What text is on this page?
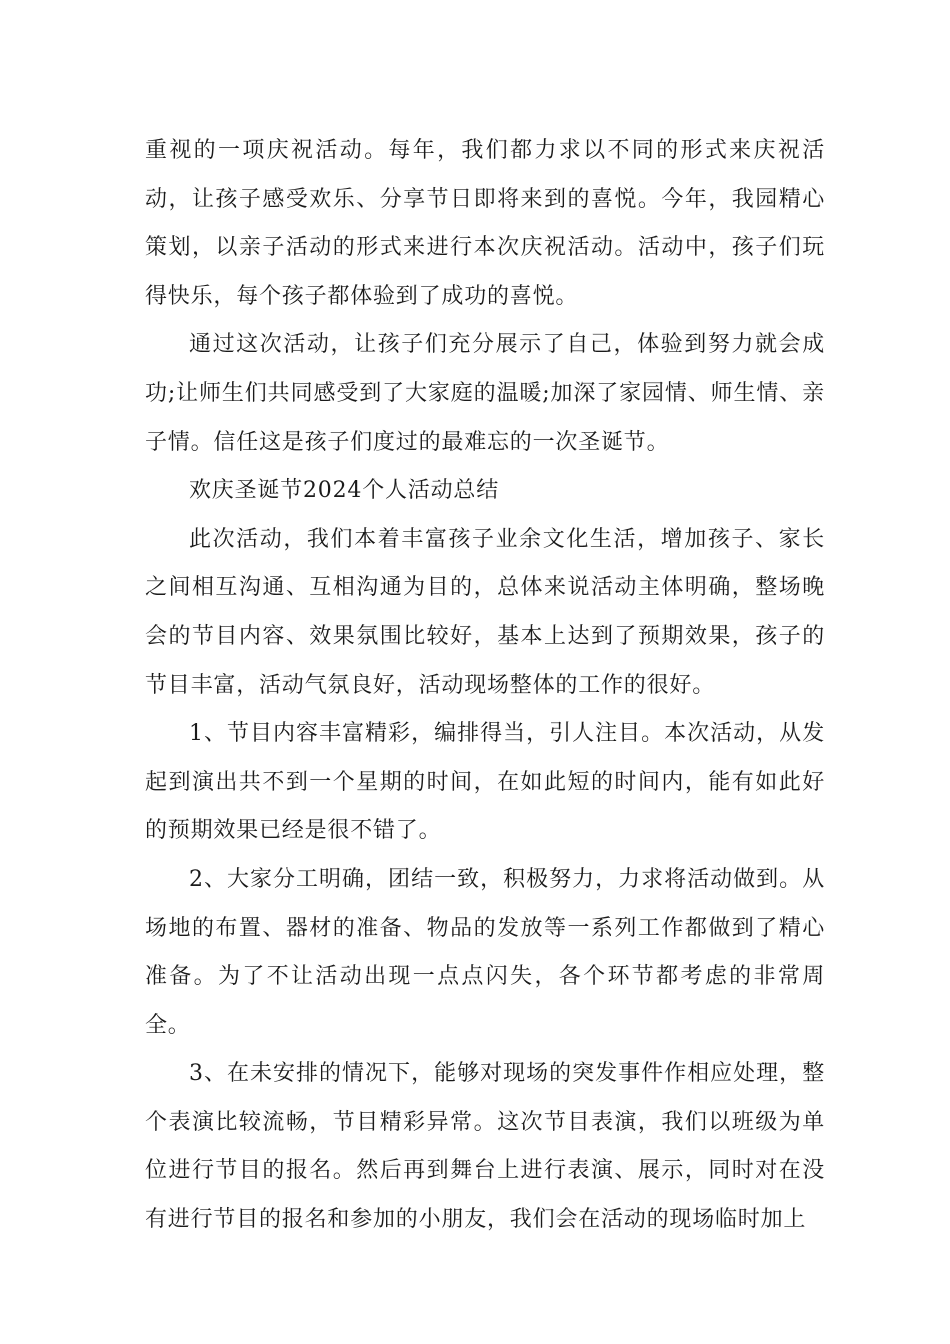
重视的一项庆祝活动。每年，我们都力求以不同的形式来庆祝活动，让孩子感受欢乐、分享节日即将来到的喜悦。今年，我园精心策划，以亲子活动的形式来进行本次庆祝活动。活动中，孩子们玩得快乐，每个孩子都体验到了成功的喜悦。

通过这次活动，让孩子们充分展示了自己，体验到努力就会成功;让师生们共同感受到了大家庭的温暖;加深了家园情、师生情、亲子情。信任这是孩子们度过的最难忘的一次圣诞节。

欢庆圣诞节2024个人活动总结

此次活动，我们本着丰富孩子业余文化生活，增加孩子、家长之间相互沟通、互相沟通为目的，总体来说活动主体明确，整场晚会的节目内容、效果氛围比较好，基本上达到了预期效果，孩子的节目丰富，活动气氛良好，活动现场整体的工作的很好。

1、节目内容丰富精彩，编排得当，引人注目。本次活动，从发起到演出共不到一个星期的时间，在如此短的时间内，能有如此好的预期效果已经是很不错了。

2、大家分工明确，团结一致，积极努力，力求将活动做到。从场地的布置、器材的准备、物品的发放等一系列工作都做到了精心准备。为了不让活动出现一点点闪失，各个环节都考虑的非常周全。

3、在未安排的情况下，能够对现场的突发事件作相应处理，整个表演比较流畅，节目精彩异常。这次节目表演，我们以班级为单位进行节目的报名。然后再到舞台上进行表演、展示，同时对在没有进行节目的报名和参加的小朋友，我们会在活动的现场临时加上
